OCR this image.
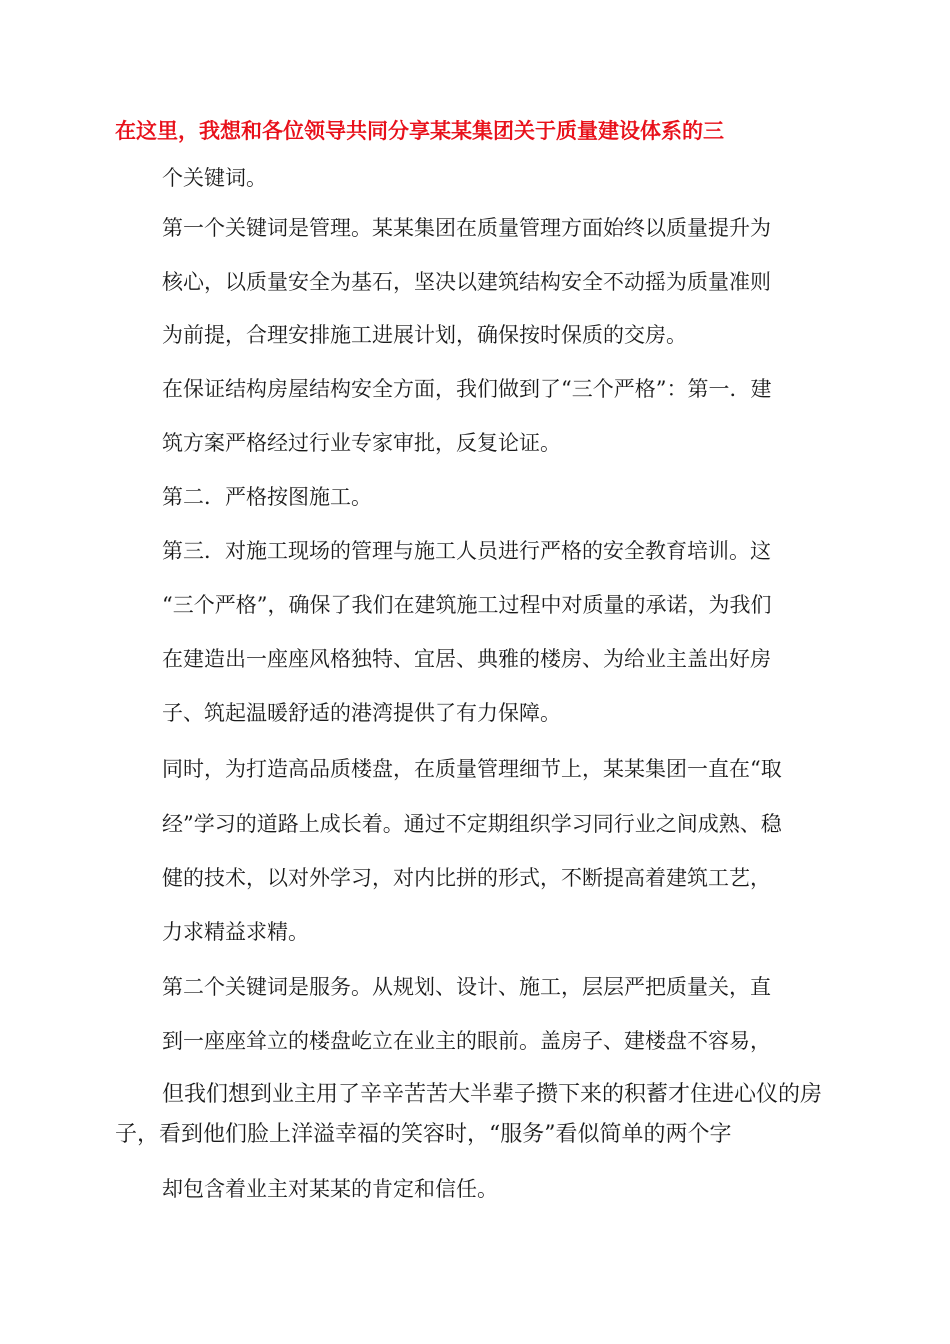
在这里，我想和各位领导共同分享某某集团关于质量建设体系的三

个关键词。

第一个关键词是管理。某某集团在质量管理方面始终以质量提升为

核心，以质量安全为基石，坚决以建筑结构安全不动摇为质量准则

为前提，合理安排施工进展计划，确保按时保质的交房。

在保证结构房屋结构安全方面，我们做到了“三个严格”：第一．建

筑方案严格经过行业专家审批，反复论证。

第二．严格按图施工。

第三．对施工现场的管理与施工人员进行严格的安全教育培训。这

“三个严格”，确保了我们在建筑施工过程中对质量的承诺，为我们

在建造出一座座风格独特、宜居、典雅的楼房、为给业主盖出好房

子、筑起温暖舒适的港湾提供了有力保障。

同时，为打造高品质楼盘，在质量管理细节上，某某集团一直在“取

经”学习的道路上成长着。通过不定期组织学习同行业之间成熟、稳

健的技术，以对外学习，对内比拼的形式，不断提高着建筑工艺，

力求精益求精。

第二个关键词是服务。从规划、设计、施工，层层严把质量关，直

到一座座耸立的楼盘屹立在业主的眼前。盖房子、建楼盘不容易，

但我们想到业主用了辛辛苦苦大半辈子攒下来的积蓄才住进心仪的房

子，看到他们脸上洋溢幸福的笑容时，“服务”看似简单的两个字

却包含着业主对某某的肯定和信任。
